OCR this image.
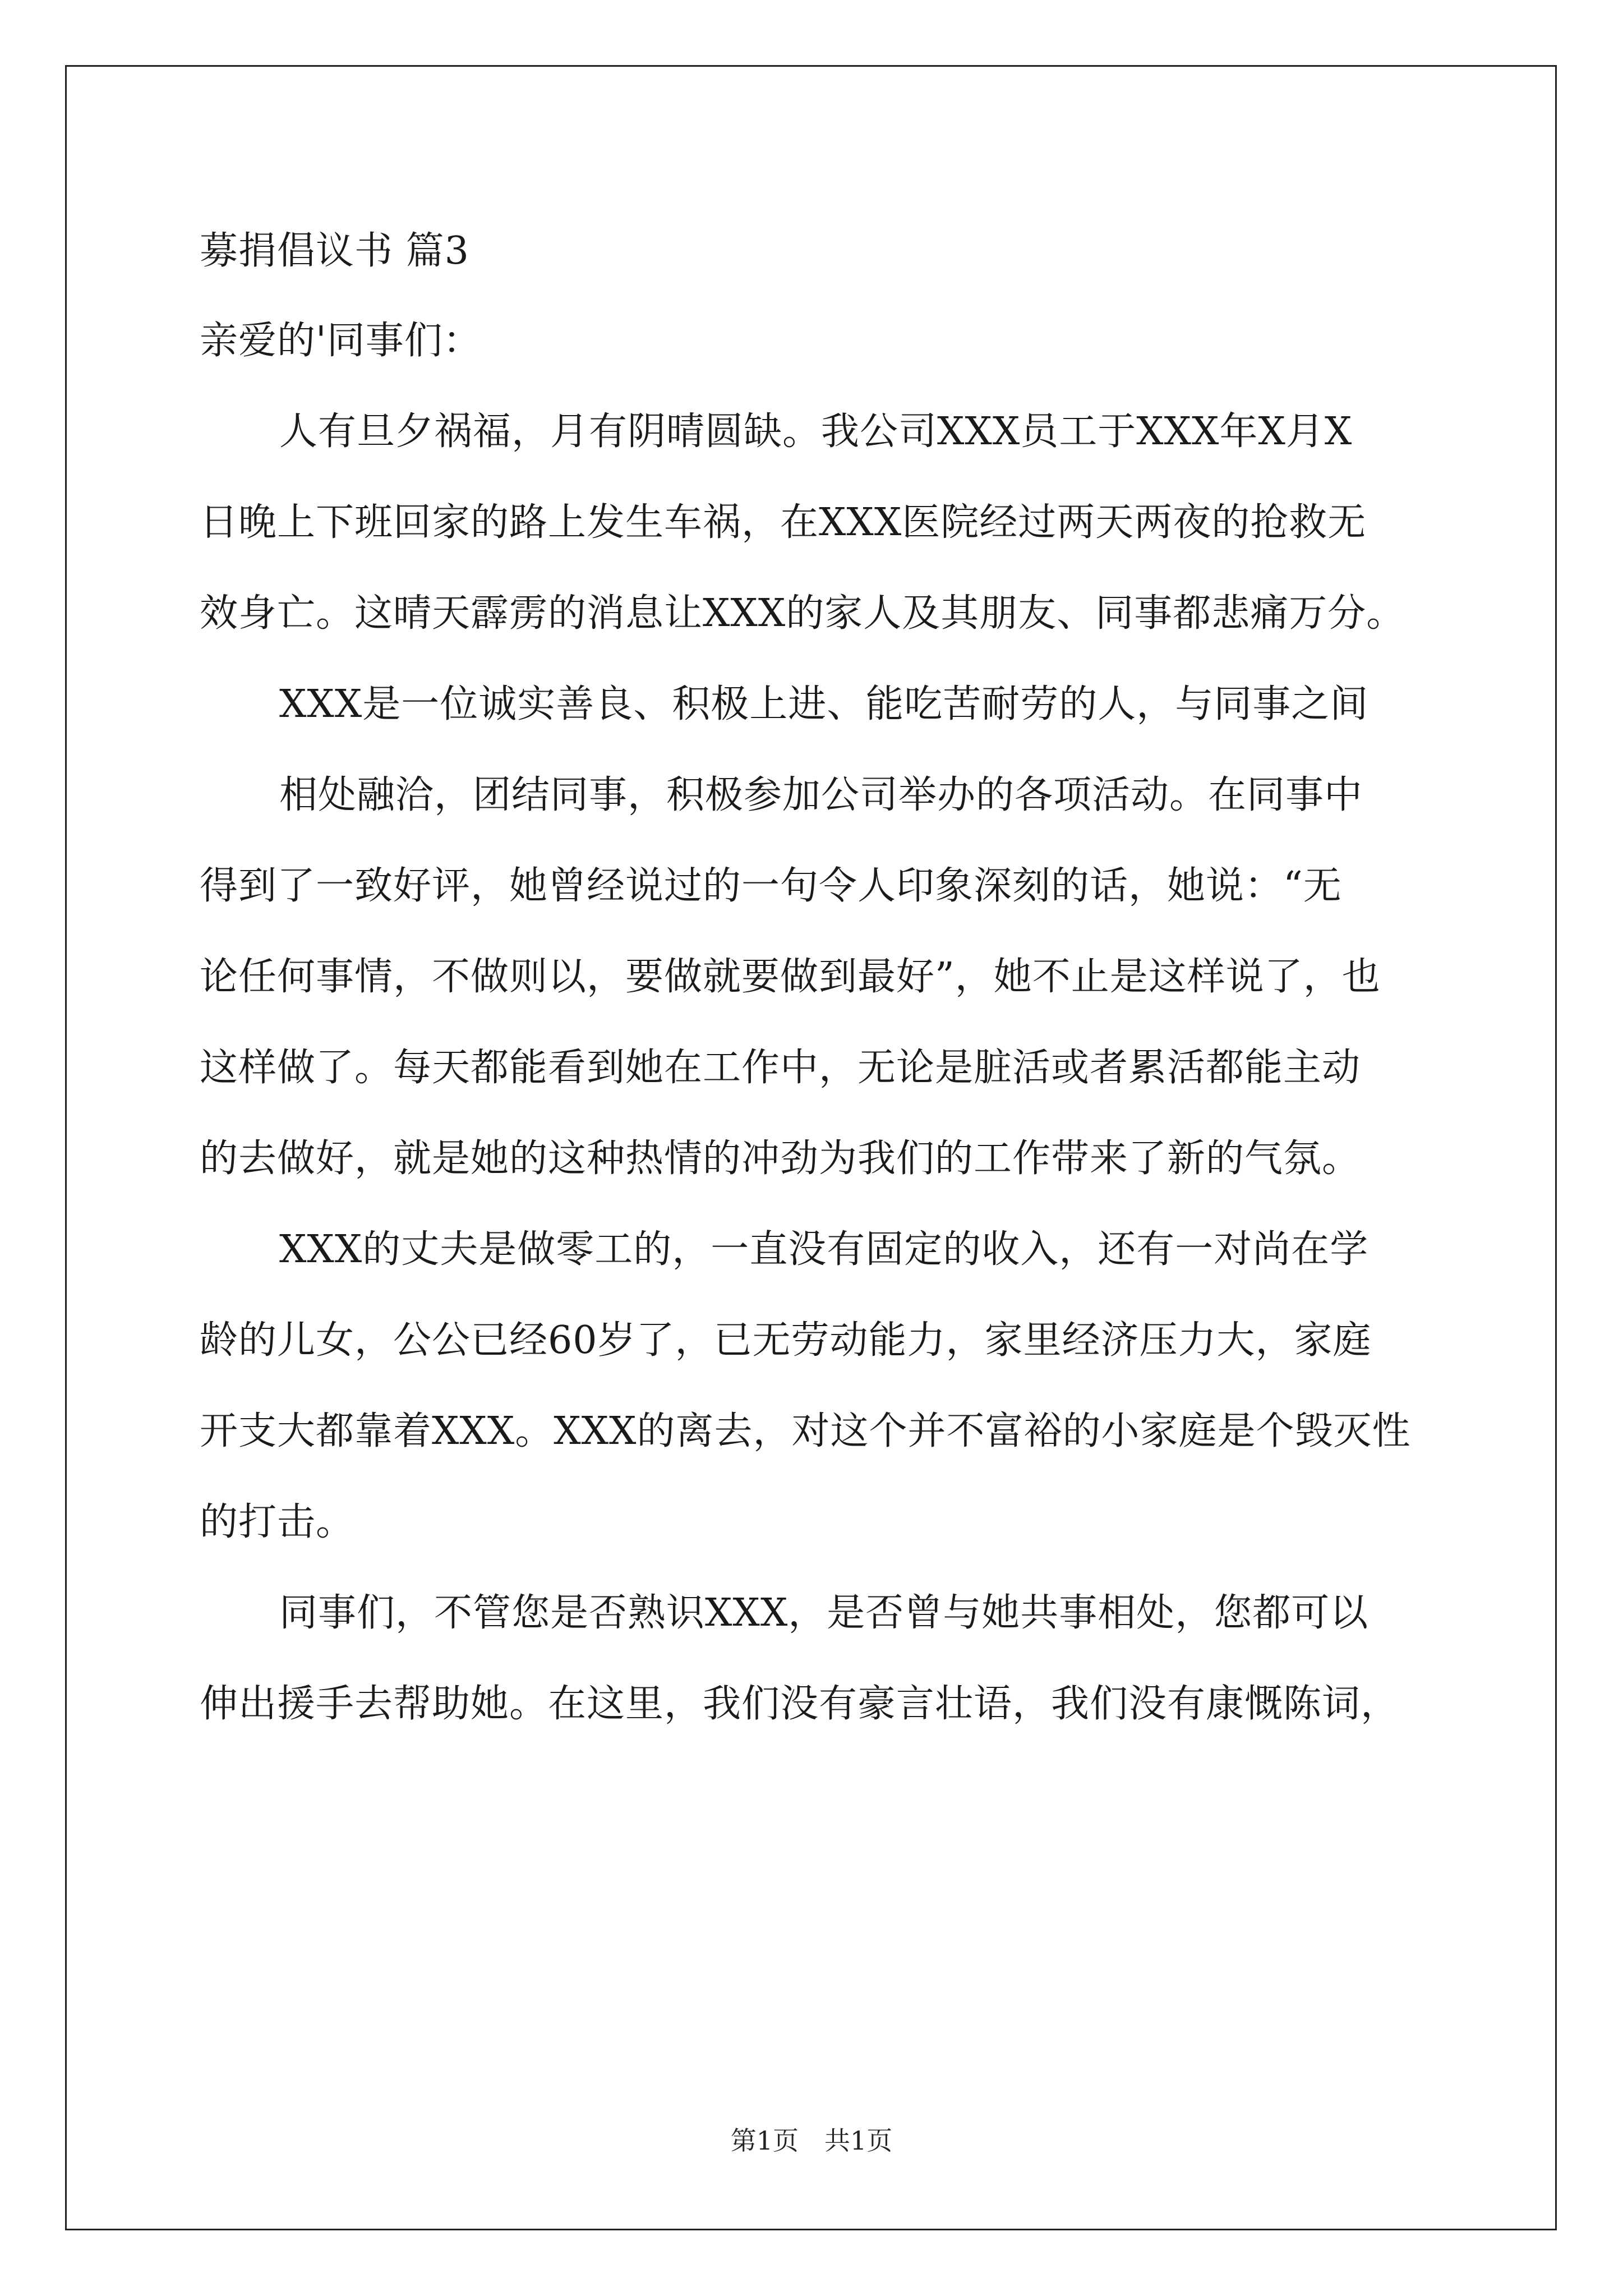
募捐倡议书 篇3
亲爱的'同事们：
人有旦夕祸福，月有阴晴圆缺。我公司XXX员工于XXX年X月X
日晚上下班回家的路上发生车祸，在XXX医院经过两天两夜的抢救无
效身亡。这晴天霹雳的消息让XXX的家人及其朋友、同事都悲痛万分。
XXX是一位诚实善良、积极上进、能吃苦耐劳的人，与同事之间
相处融洽，团结同事，积极参加公司举办的各项活动。在同事中
得到了一致好评，她曾经说过的一句令人印象深刻的话，她说：“无
论任何事情，不做则以，要做就要做到最好”，她不止是这样说了，也
这样做了。每天都能看到她在工作中，无论是脏活或者累活都能主动
的去做好，就是她的这种热情的冲劲为我们的工作带来了新的气氛。
XXX的丈夫是做零工的，一直没有固定的收入，还有一对尚在学
龄的儿女，公公已经60岁了，已无劳动能力，家里经济压力大，家庭
开支大都靠着XXX。XXX的离去，对这个并不富裕的小家庭是个毁灭性
的打击。
同事们，不管您是否熟识XXX，是否曾与她共事相处，您都可以
伸出援手去帮助她。在这里，我们没有豪言壮语，我们没有康慨陈词，
第1页　共1页
